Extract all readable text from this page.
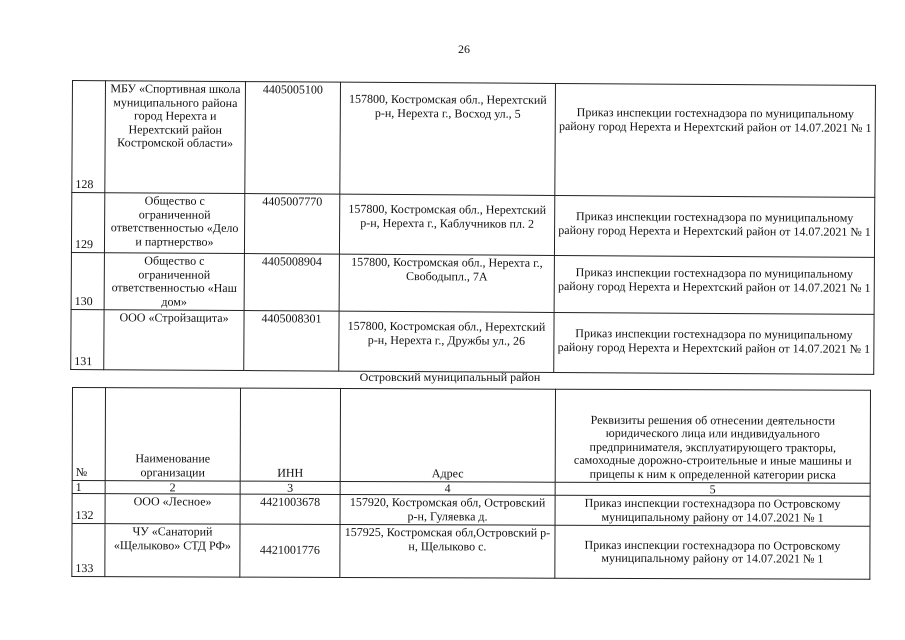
26
128	МБУ «Спортивная школа муниципального района город Нерехта и Нерехтский район Костромской области»	4405005100	157800, Костромская обл., Нерехтский р-н, Нерехта г., Восход ул., 5	Приказ инспекции гостехнадзора по муниципальному району город Нерехта и Нерехтский район от 14.07.2021 № 1
129	Общество с ограниченной ответственностью «Дело и партнерство»	4405007770	157800, Костромская обл., Нерехтский р-н, Нерехта г., Каблучников пл. 2	Приказ инспекции гостехнадзора по муниципальному району город Нерехта и Нерехтский район от 14.07.2021 № 1
130	Общество с ограниченной ответственностью «Наш дом»	4405008904	157800, Костромская обл., Нерехта г., Свободыпл., 7А	Приказ инспекции гостехнадзора по муниципальному району город Нерехта и Нерехтский район от 14.07.2021 № 1
131	ООО «Стройзащита»	4405008301	157800, Костромская обл., Нерехтский р-н, Нерехта г., Дружбы ул., 26	Приказ инспекции гостехнадзора по муниципальному району город Нерехта и Нерехтский район от 14.07.2021 № 1
Островский муниципальный район
№	Наименование организации	ИНН	Адрес	Реквизиты решения об отнесении деятельности юридического лица или индивидуального предпринимателя, эксплуатирующего тракторы, самоходные дорожно-строительные и иные машины и прицепы к ним к определенной категории риска
1	2	3	4	5
132	ООО «Лесное»	4421003678	157920, Костромская обл, Островский р-н, Гуляевка д.	Приказ инспекции гостехнадзора по Островскому муниципальному району от 14.07.2021 № 1
133	ЧУ «Санаторий «Щелыково» СТД РФ»	4421001776	157925, Костромская обл,Островский р-н, Щелыково с.	Приказ инспекции гостехнадзора по Островскому муниципальному району от 14.07.2021 № 1
